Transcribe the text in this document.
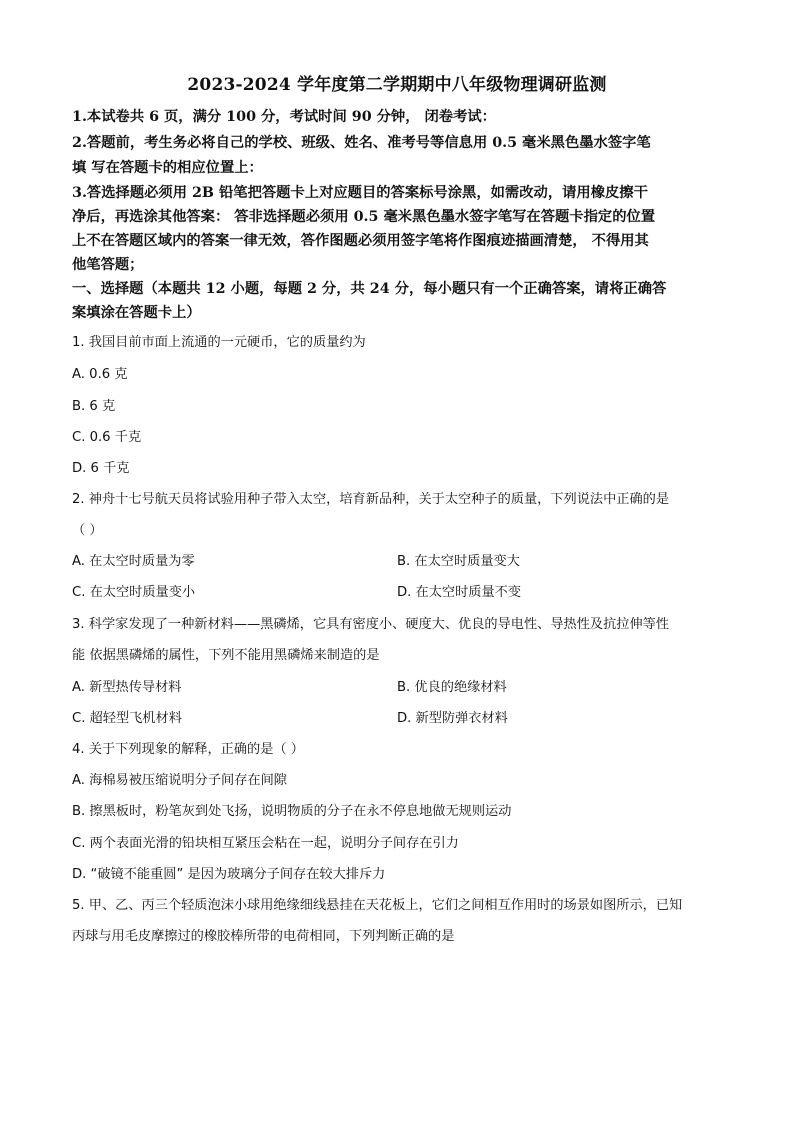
2023-2024 学年度第二学期期中八年级物理调研监测
1.本试卷共 6 页，满分 100 分，考试时间 90 分钟， 闭卷考试：
2.答题前，考生务必将自己的学校、班级、姓名、准考号等信息用 0.5 毫米黑色墨水签字笔
填 写在答题卡的相应位置上：
3.答选择题必须用 2B 铅笔把答题卡上对应题目的答案标号涂黑，如需改动，请用橡皮擦干
净后，再选涂其他答案： 答非选择题必须用 0.5 毫米黑色墨水签字笔写在答题卡指定的位置
上不在答题区域内的答案一律无效，答作图题必须用签字笔将作图痕迹描画清楚， 不得用其
他笔答题；
一、选择题（本题共 12 小题，每题 2 分，共 24 分，每小题只有一个正确答案，请将正确答
案填涂在答题卡上）
1. 我国目前市面上流通的一元硬币，它的质量约为
A. 0.6 克
B. 6 克
C. 0.6 千克
D. 6 千克
2. 神舟十七号航天员将试验用种子带入太空，培育新品种，关于太空种子的质量，下列说法中正确的是
（ ）
A. 在太空时质量为零	B. 在太空时质量变大
C. 在太空时质量变小	D. 在太空时质量不变
3. 科学家发现了一种新材料——黑磷烯，它具有密度小、硬度大、优良的导电性、导热性及抗拉伸等性
能 依据黑磷烯的属性，下列不能用黑磷烯来制造的是
A. 新型热传导材料	B. 优良的绝缘材料
C. 超轻型飞机材料	D. 新型防弹衣材料
4. 关于下列现象的解释，正确的是（ ）
A. 海棉易被压缩说明分子间存在间隙
B. 擦黑板时，粉笔灰到处飞扬，说明物质的分子在永不停息地做无规则运动
C. 两个表面光滑的铅块相互紧压会粘在一起，说明分子间存在引力
D. “破镜不能重圆” 是因为玻璃分子间存在较大排斥力
5. 甲、乙、丙三个轻质泡沫小球用绝缘细线悬挂在天花板上，它们之间相互作用时的场景如图所示，已知
丙球与用毛皮摩擦过的橡胶棒所带的电荷相同，下列判断正确的是
